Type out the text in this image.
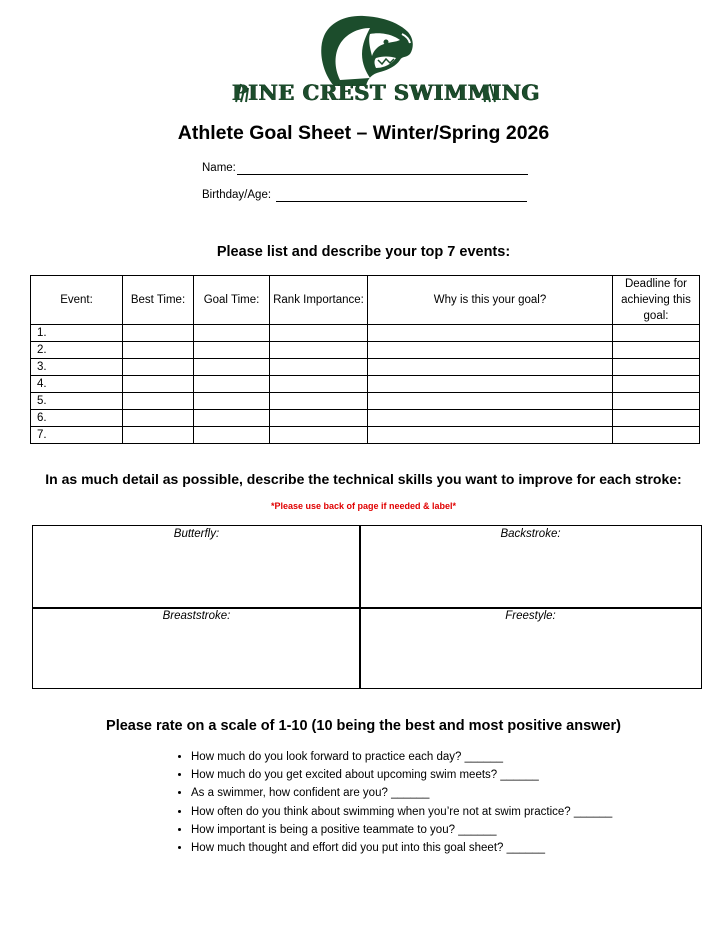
PINE CREST SWIMMING
Athlete Goal Sheet – Winter/Spring 2026
Name:
Birthday/Age:
Please list and describe your top 7 events:
Event:	Best Time:	Goal Time:	Rank Importance:	Why is this your goal?	Deadline for achieving this goal:
1.					
2.					
3.					
4.					
5.					
6.					
7.					
In as much detail as possible, describe the technical skills you want to improve for each stroke:
*Please use back of page if needed & label*
Butterfly:	Backstroke:
Breaststroke:	Freestyle:
Please rate on a scale of 1-10 (10 being the best and most positive answer)
• How much do you look forward to practice each day? ______
• How much do you get excited about upcoming swim meets? ______
• As a swimmer, how confident are you? ______
• How often do you think about swimming when you’re not at swim practice? ______
• How important is being a positive teammate to you? ______
• How much thought and effort did you put into this goal sheet? ______
